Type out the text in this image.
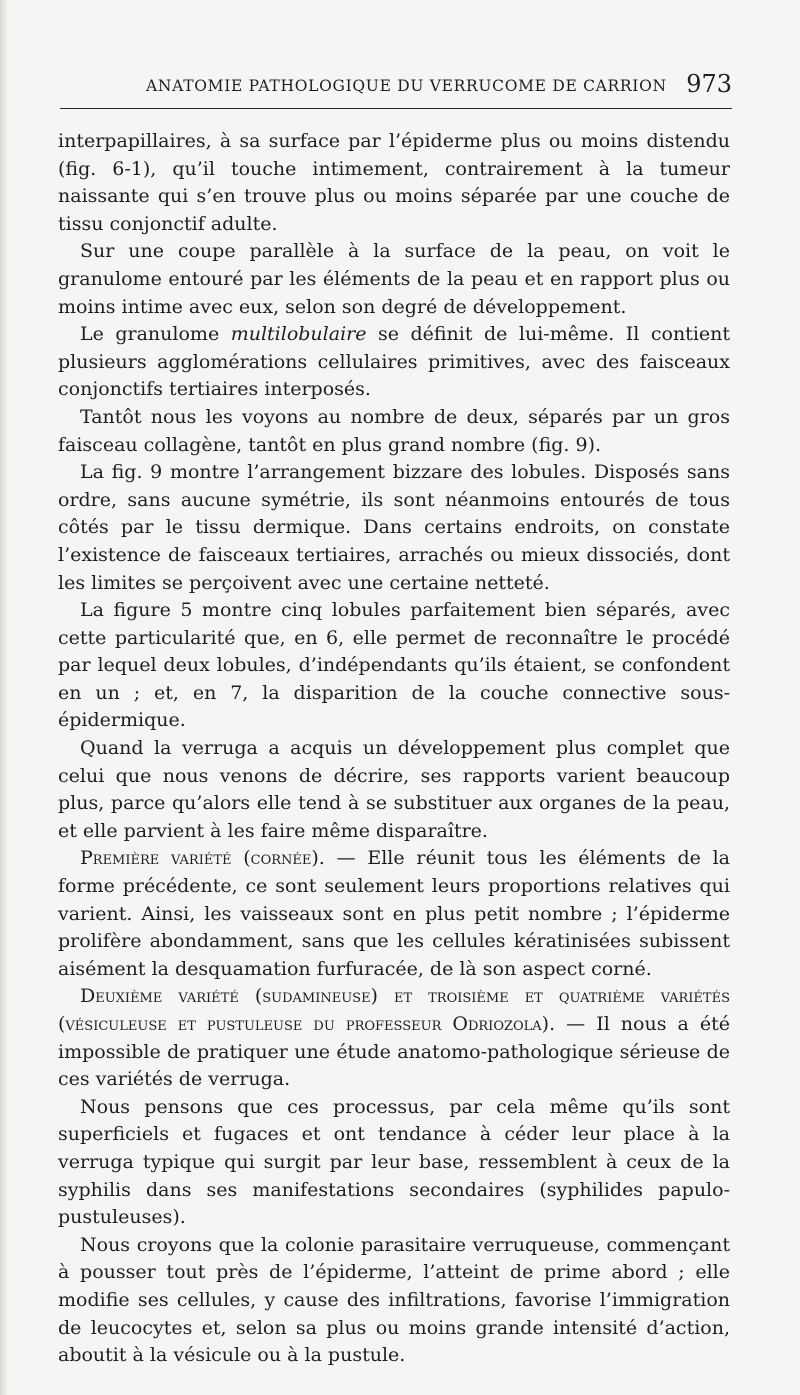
ANATOMIE PATHOLOGIQUE DU VERRUCOME DE CARRION 973

interpapillaires, à sa surface par l’épiderme plus ou moins distendu (fig. 6-1), qu’il touche intimement, contrairement à la tumeur naissante qui s’en trouve plus ou moins séparée par une couche de tissu conjonctif adulte.

Sur une coupe parallèle à la surface de la peau, on voit le granulome entouré par les éléments de la peau et en rapport plus ou moins intime avec eux, selon son degré de développement.

Le granulome multilobulaire se définit de lui-même. Il contient plusieurs agglomérations cellulaires primitives, avec des faisceaux conjonctifs tertiaires interposés.

Tantôt nous les voyons au nombre de deux, séparés par un gros faisceau collagène, tantôt en plus grand nombre (fig. 9).

La fig. 9 montre l’arrangement bizzare des lobules. Disposés sans ordre, sans aucune symétrie, ils sont néanmoins entourés de tous côtés par le tissu dermique. Dans certains endroits, on constate l’existence de faisceaux tertiaires, arrachés ou mieux dissociés, dont les limites se perçoivent avec une certaine netteté.

La figure 5 montre cinq lobules parfaitement bien séparés, avec cette particularité que, en 6, elle permet de reconnaître le procédé par lequel deux lobules, d’indépendants qu’ils étaient, se confondent en un ; et, en 7, la disparition de la couche connective sous-épidermique.

Quand la verruga a acquis un développement plus complet que celui que nous venons de décrire, ses rapports varient beaucoup plus, parce qu’alors elle tend à se substituer aux organes de la peau, et elle parvient à les faire même disparaître.

Première variété (cornée). — Elle réunit tous les éléments de la forme précédente, ce sont seulement leurs proportions relatives qui varient. Ainsi, les vaisseaux sont en plus petit nombre ; l’épiderme prolifère abondamment, sans que les cellules kératinisées subissent aisément la desquamation furfuracée, de là son aspect corné.

Deuxième variété (sudamineuse) et troisième et quatrième variétés (vésiculeuse et pustuleuse du professeur Odriozola). — Il nous a été impossible de pratiquer une étude anatomo-pathologique sérieuse de ces variétés de verruga.

Nous pensons que ces processus, par cela même qu’ils sont superficiels et fugaces et ont tendance à céder leur place à la verruga typique qui surgit par leur base, ressemblent à ceux de la syphilis dans ses manifestations secondaires (syphilides papulo-pustuleuses).

Nous croyons que la colonie parasitaire verruqueuse, commençant à pousser tout près de l’épiderme, l’atteint de prime abord ; elle modifie ses cellules, y cause des infiltrations, favorise l’immigration de leucocytes et, selon sa plus ou moins grande intensité d’action, aboutit à la vésicule ou à la pustule.
